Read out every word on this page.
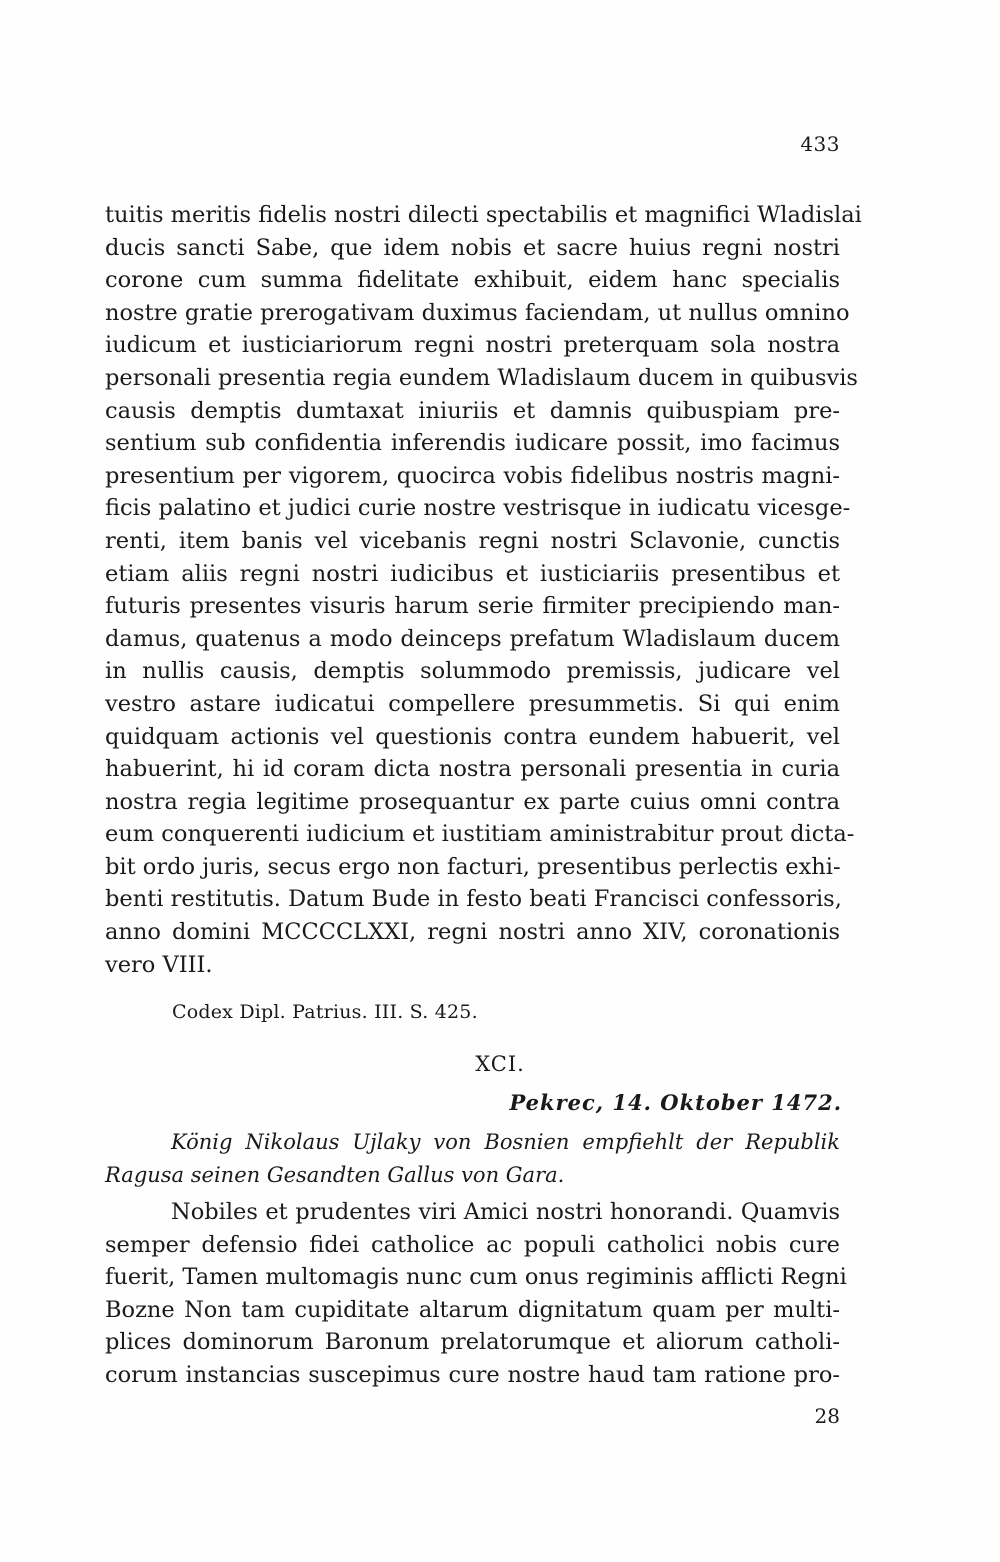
433
tuitis meritis fidelis nostri dilecti spectabilis et magnifici Wladislai
ducis sancti Sabe, que idem nobis et sacre huius regni nostri
corone cum summa fidelitate exhibuit, eidem hanc specialis
nostre gratie prerogativam duximus faciendam, ut nullus omnino
iudicum et iusticiariorum regni nostri preterquam sola nostra
personali presentia regia eundem Wladislaum ducem in quibusvis
causis demptis dumtaxat iniuriis et damnis quibuspiam pre-
sentium sub confidentia inferendis iudicare possit, imo facimus
presentium per vigorem, quocirca vobis fidelibus nostris magni-
ficis palatino et judici curie nostre vestrisque in iudicatu vicesge-
renti, item banis vel vicebanis regni nostri Sclavonie, cunctis
etiam aliis regni nostri iudicibus et iusticiariis presentibus et
futuris presentes visuris harum serie firmiter precipiendo man-
damus, quatenus a modo deinceps prefatum Wladislaum ducem
in nullis causis, demptis solummodo premissis, judicare vel
vestro astare iudicatui compellere presummetis. Si qui enim
quidquam actionis vel questionis contra eundem habuerit, vel
habuerint, hi id coram dicta nostra personali presentia in curia
nostra regia legitime prosequantur ex parte cuius omni contra
eum conquerenti iudicium et iustitiam aministrabitur prout dicta-
bit ordo juris, secus ergo non facturi, presentibus perlectis exhi-
benti restitutis. Datum Bude in festo beati Francisci confessoris,
anno domini MCCCCLXXI, regni nostri anno XIV, coronationis
vero VIII.
Codex Dipl. Patrius. III. S. 425.
XCI.
Pekrec, 14. Oktober 1472.
König Nikolaus Ujlaky von Bosnien empfiehlt der Republik
Ragusa seinen Gesandten Gallus von Gara.
Nobiles et prudentes viri Amici nostri honorandi. Quamvis
semper defensio fidei catholice ac populi catholici nobis cure
fuerit, Tamen multomagis nunc cum onus regiminis afflicti Regni
Bozne Non tam cupiditate altarum dignitatum quam per multi-
plices dominorum Baronum prelatorumque et aliorum catholi-
corum instancias suscepimus cure nostre haud tam ratione pro-
28
